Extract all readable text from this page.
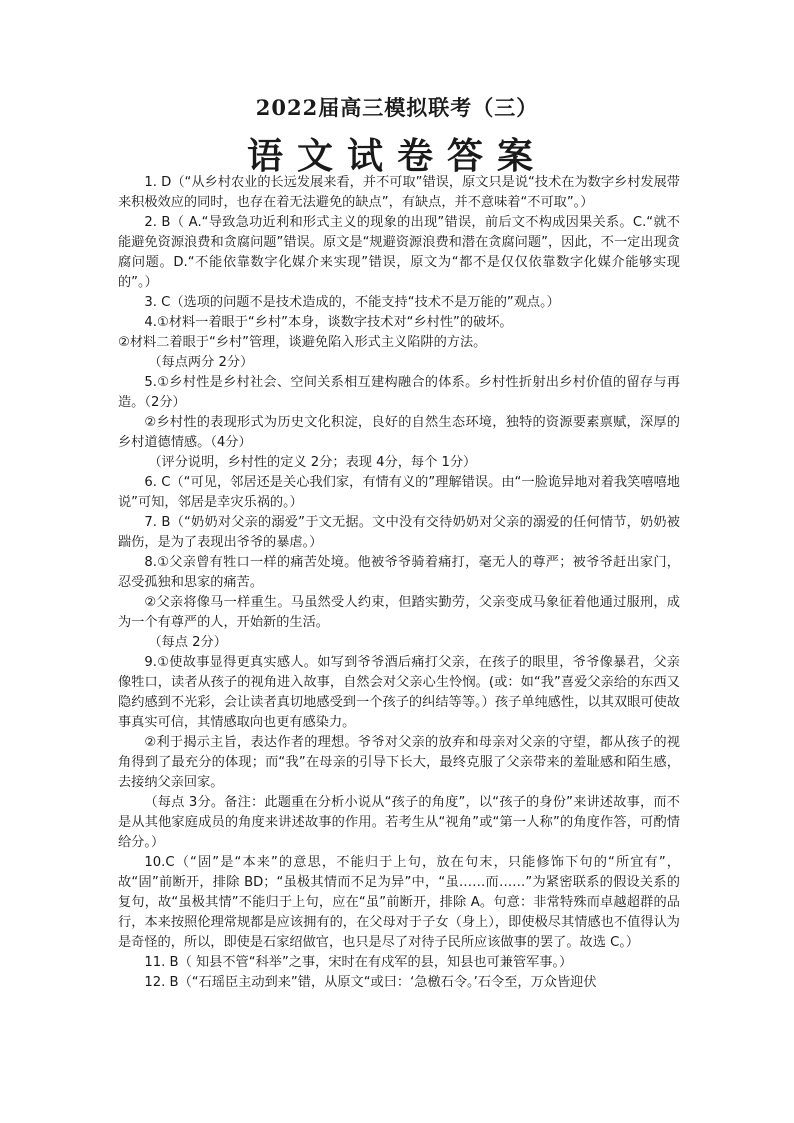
2022届高三模拟联考（三）
语文试卷答案

1. D（“从乡村农业的长远发展来看，并不可取”错误，原文只是说“技术在为数字乡村发展带来积极效应的同时，也存在着无法避免的缺点”，有缺点，并不意味着“不可取”。）

2. B（ A.“导致急功近利和形式主义的现象的出现”错误，前后文不构成因果关系。C.“就不能避免资源浪费和贪腐问题”错误。原文是“规避资源浪费和潜在贪腐问题”，因此，不一定出现贪腐问题。D.“不能依靠数字化媒介来实现”错误，原文为“都不是仅仅依靠数字化媒介能够实现的”。）

3. C（选项的问题不是技术造成的，不能支持“技术不是万能的”观点。）

4.①材料一着眼于“乡村”本身，谈数字技术对“乡村性”的破坏。

②材料二着眼于“乡村”管理，谈避免陷入形式主义陷阱的方法。

（每点两分 2分）

5.①乡村性是乡村社会、空间关系相互建构融合的体系。乡村性折射出乡村价值的留存与再造。（2分）

②乡村性的表现形式为历史文化积淀，良好的自然生态环境，独特的资源要素禀赋，深厚的乡村道德情感。（4分）

（评分说明，乡村性的定义 2分；表现 4分，每个 1分）

6. C（“可见，邻居还是关心我们家，有情有义的”理解错误。由“一脸诡异地对着我笑嘻嘻地说”可知，邻居是幸灾乐祸的。）

7. B（“奶奶对父亲的溺爱”于文无据。文中没有交待奶奶对父亲的溺爱的任何情节，奶奶被踹伤，是为了表现出爷爷的暴虐。）

8.①父亲曾有牲口一样的痛苦处境。他被爷爷骑着痛打，毫无人的尊严；被爷爷赶出家门，忍受孤独和思家的痛苦。

②父亲将像马一样重生。马虽然受人约束，但踏实勤劳，父亲变成马象征着他通过服刑，成为一个有尊严的人，开始新的生活。

（每点 2分）

9.①使故事显得更真实感人。如写到爷爷酒后痛打父亲，在孩子的眼里，爷爷像暴君，父亲像牲口，读者从孩子的视角进入故事，自然会对父亲心生怜悯。(或：如“我”喜爱父亲给的东西又隐约感到不光彩，会让读者真切地感受到一个孩子的纠结等等。）孩子单纯感性，以其双眼可使故事真实可信，其情感取向也更有感染力。

②利于揭示主旨，表达作者的理想。爷爷对父亲的放弃和母亲对父亲的守望，都从孩子的视角得到了最充分的体现；而“我”在母亲的引导下长大，最终克服了父亲带来的羞耻感和陌生感，去接纳父亲回家。

（每点 3分。备注：此题重在分析小说从“孩子的角度”，以“孩子的身份”来讲述故事，而不是从其他家庭成员的角度来讲述故事的作用。若考生从“视角”或“第一人称”的角度作答，可酌情给分。）

10.C（“固”是“本来”的意思，不能归于上句，放在句末，只能修饰下句的“所宜有”，故“固”前断开，排除 BD；“虽极其情而不足为异”中，“虽……而……”为紧密联系的假设关系的复句，故“虽极其情”不能归于上句，应在“虽”前断开，排除 A。句意：非常特殊而卓越超群的品行，本来按照伦理常规都是应该拥有的，在父母对于子女（身上），即使极尽其情感也不值得认为是奇怪的，所以，即使是石家绍做官，也只是尽了对待子民所应该做事的罢了。故选 C。）

11. B（ 知县不管“科举”之事，宋时在有戍军的县，知县也可兼管军事。）

12. B（“石瑶臣主动到来”错，从原文“或曰：‘急檄石令。’石令至，万众皆迎伏
